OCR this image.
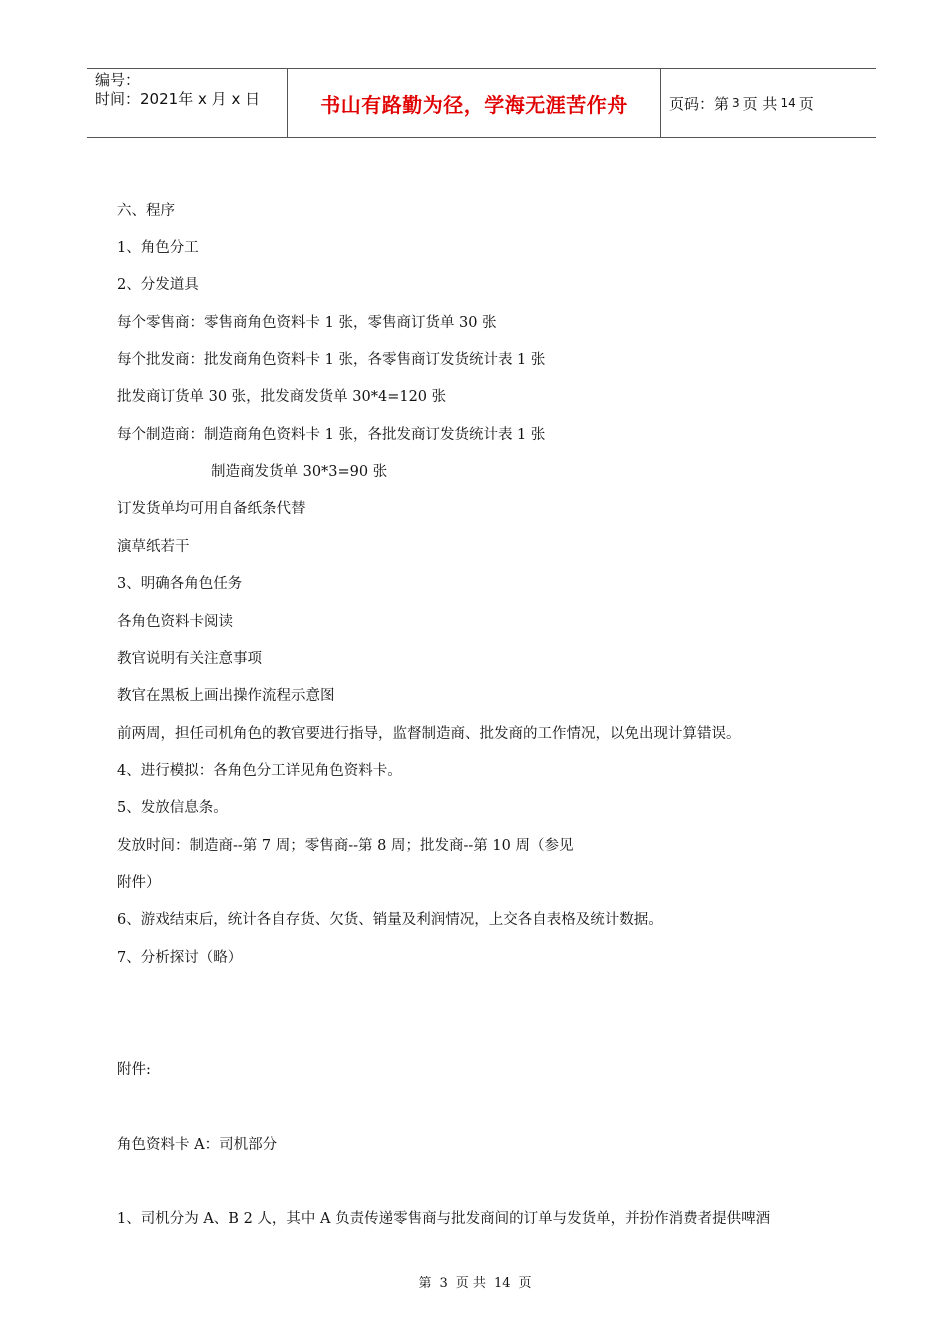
编号：
时间：2021年 x 月 x 日	书山有路勤为径，学海无涯苦作舟	页码：第 3 页 共 14 页
六、程序
1、角色分工
2、分发道具
每个零售商：零售商角色资料卡 1 张，零售商订货单 30 张
每个批发商：批发商角色资料卡 1 张，各零售商订发货统计表 1 张
批发商订货单 30 张，批发商发货单 30*4=120 张
每个制造商：制造商角色资料卡 1 张，各批发商订发货统计表 1 张
制造商发货单 30*3=90 张
订发货单均可用自备纸条代替
演草纸若干
3、明确各角色任务
各角色资料卡阅读
教官说明有关注意事项
教官在黑板上画出操作流程示意图
前两周，担任司机角色的教官要进行指导，监督制造商、批发商的工作情况，以免出现计算错误。
4、进行模拟：各角色分工详见角色资料卡。
5、发放信息条。
发放时间：制造商--第 7 周；零售商--第 8 周；批发商--第 10 周（参见
附件）
6、游戏结束后，统计各自存货、欠货、销量及利润情况，上交各自表格及统计数据。
7、分析探讨（略）
附件:
角色资料卡 A：司机部分
1、司机分为 A、B 2 人，其中 A 负责传递零售商与批发商间的订单与发货单，并扮作消费者提供啤酒
第 3 页 共 14 页
